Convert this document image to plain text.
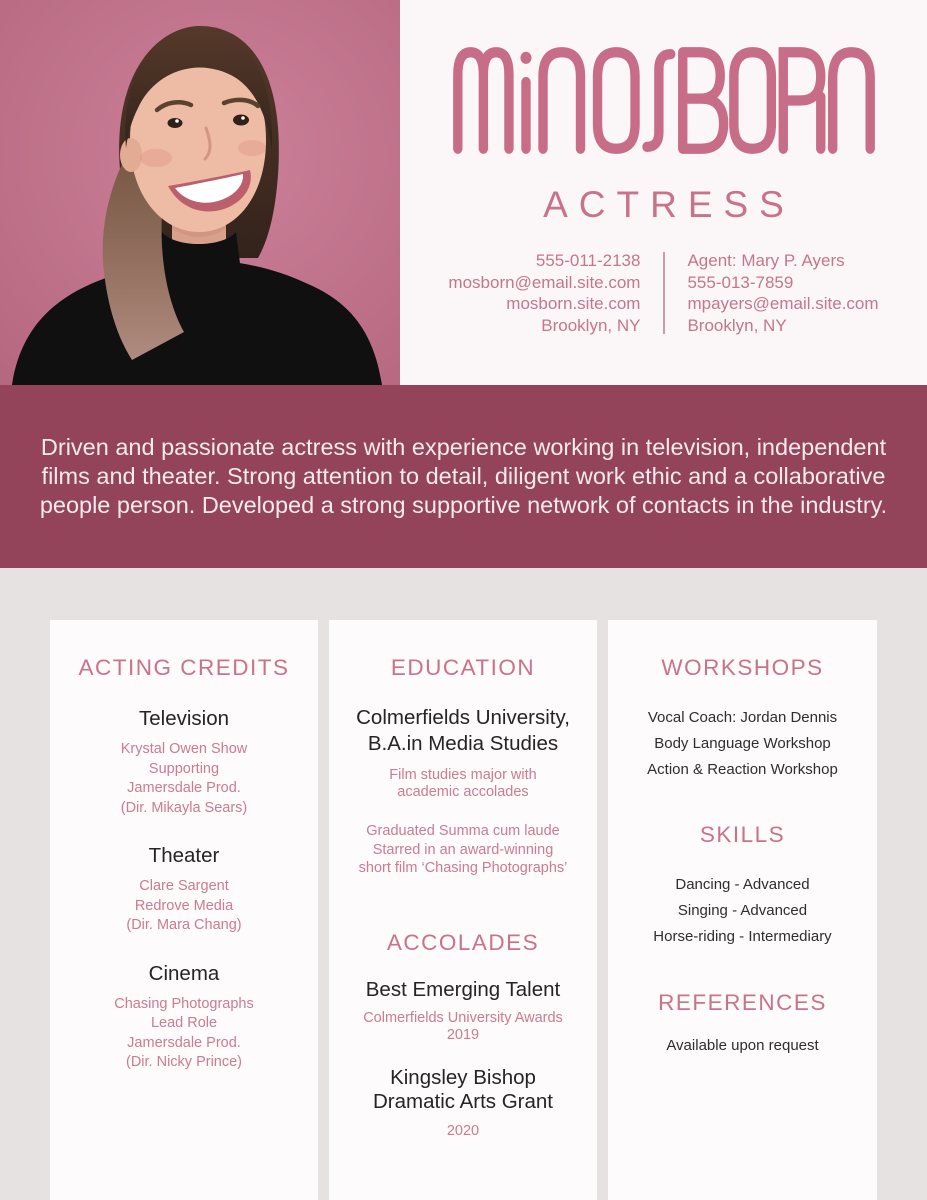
ACTRESS
555-011-2138
mosborn@email.site.com
mosborn.site.com
Brooklyn, NY
Agent: Mary P. Ayers
555-013-7859
mpayers@email.site.com
Brooklyn, NY
Driven and passionate actress with experience working in television, independent
films and theater. Strong attention to detail, diligent work ethic and a collaborative
people person. Developed a strong supportive network of contacts in the industry.
ACTING CREDITS
Television
Krystal Owen Show
Supporting
Jamersdale Prod.
(Dir. Mikayla Sears)
Theater
Clare Sargent
Redrove Media
(Dir. Mara Chang)
Cinema
Chasing Photographs
Lead Role
Jamersdale Prod.
(Dir. Nicky Prince)
EDUCATION
Colmerfields University, B.A.in Media Studies
Film studies major with academic accolades
Graduated Summa cum laude
Starred in an award-winning
short film ‘Chasing Photographs’
ACCOLADES
Best Emerging Talent
Colmerfields University Awards
2019
Kingsley Bishop Dramatic Arts Grant
2020
WORKSHOPS
Vocal Coach: Jordan Dennis
Body Language Workshop
Action & Reaction Workshop
SKILLS
Dancing - Advanced
Singing - Advanced
Horse-riding - Intermediary
REFERENCES
Available upon request
